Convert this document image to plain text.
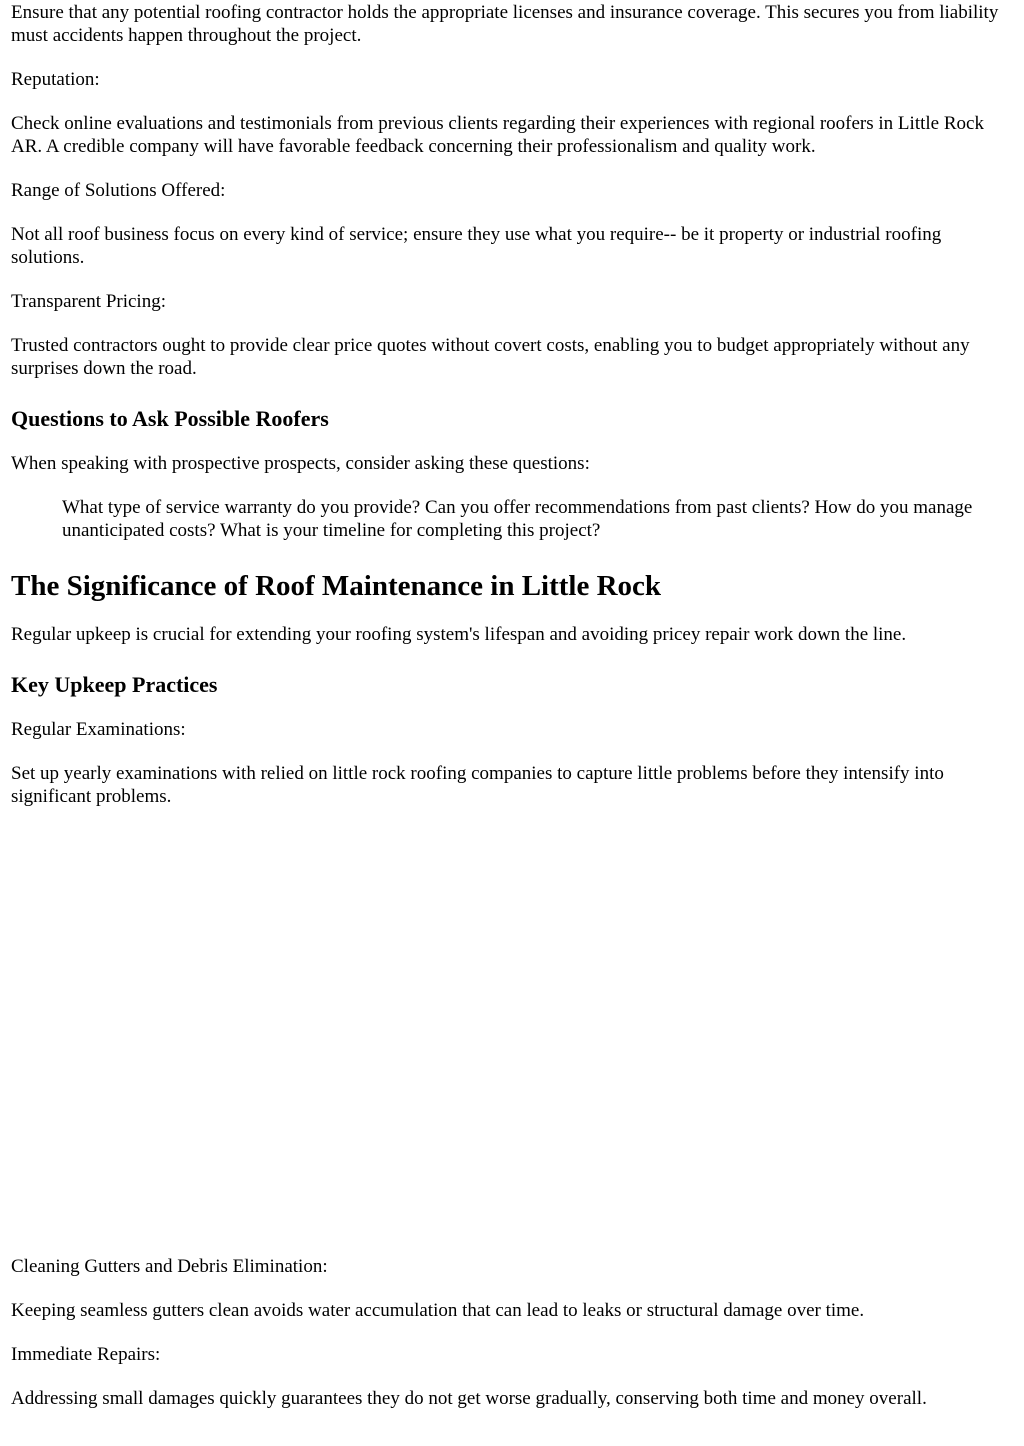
Ensure that any potential roofing contractor holds the appropriate licenses and insurance coverage. This secures you from liability must accidents happen throughout the project.

Reputation:

Check online evaluations and testimonials from previous clients regarding their experiences with regional roofers in Little Rock AR. A credible company will have favorable feedback concerning their professionalism and quality work.

Range of Solutions Offered:

Not all roof business focus on every kind of service; ensure they use what you require-- be it property or industrial roofing solutions.

Transparent Pricing:

Trusted contractors ought to provide clear price quotes without covert costs, enabling you to budget appropriately without any surprises down the road.

Questions to Ask Possible Roofers

When speaking with prospective prospects, consider asking these questions:

What type of service warranty do you provide? Can you offer recommendations from past clients? How do you manage unanticipated costs? What is your timeline for completing this project?
The Significance of Roof Maintenance in Little Rock

Regular upkeep is crucial for extending your roofing system's lifespan and avoiding pricey repair work down the line.

Key Upkeep Practices

Regular Examinations:

Set up yearly examinations with relied on little rock roofing companies to capture little problems before they intensify into significant problems.

Cleaning Gutters and Debris Elimination:

Keeping seamless gutters clean avoids water accumulation that can lead to leaks or structural damage over time.

Immediate Repairs:

Addressing small damages quickly guarantees they do not get worse gradually, conserving both time and money overall.
